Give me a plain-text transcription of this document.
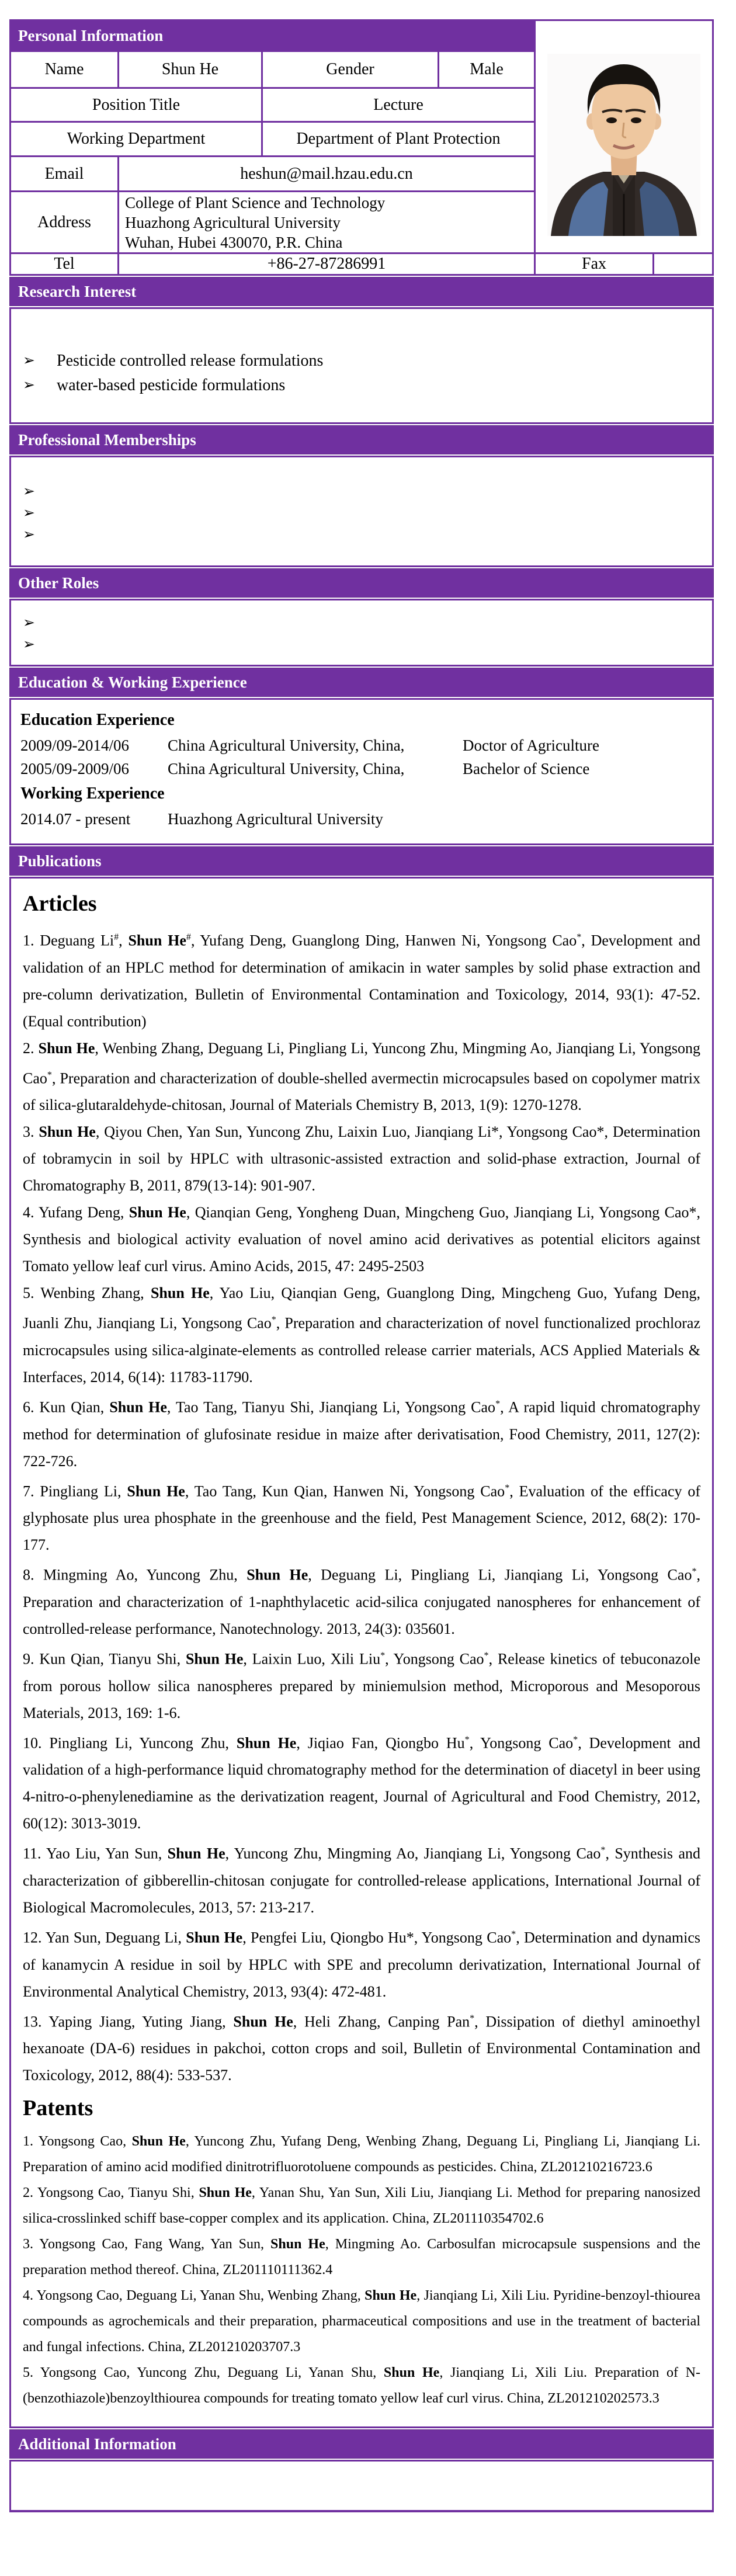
Personal Information
Name	Shun He	Gender	Male
Position Title	Lecture
Working Department	Department of Plant Protection
Email	heshun@mail.hzau.edu.cn
Address
College of Plant Science and Technology
Huazhong Agricultural University
Wuhan, Hubei 430070, P.R. China
Tel	+86-27-87286991	Fax
Research Interest
➢	Pesticide controlled release formulations
➢	water-based pesticide formulations
Professional Memberships
➢
➢
➢
Other Roles
➢
➢
Education & Working Experience
Education Experience
2009/09-2014/06	China Agricultural University, China,	Doctor of Agriculture
2005/09-2009/06	China Agricultural University, China,	Bachelor of Science
Working Experience
2014.07 - present	Huazhong Agricultural University
Publications
Articles

1. Deguang Li#, Shun He#, Yufang Deng, Guanglong Ding, Hanwen Ni, Yongsong Cao*, Development and validation of an HPLC method for determination of amikacin in water samples by solid phase extraction and pre-column derivatization, Bulletin of Environmental Contamination and Toxicology, 2014, 93(1): 47-52. (Equal contribution)

2. Shun He, Wenbing Zhang, Deguang Li, Pingliang Li, Yuncong Zhu, Mingming Ao, Jianqiang Li, Yongsong Cao*, Preparation and characterization of double-shelled avermectin microcapsules based on copolymer matrix of silica-glutaraldehyde-chitosan, Journal of Materials Chemistry B, 2013, 1(9): 1270-1278.

3. Shun He, Qiyou Chen, Yan Sun, Yuncong Zhu, Laixin Luo, Jianqiang Li*, Yongsong Cao*, Determination of tobramycin in soil by HPLC with ultrasonic-assisted extraction and solid-phase extraction, Journal of Chromatography B, 2011, 879(13-14): 901-907.

4. Yufang Deng, Shun He, Qianqian Geng, Yongheng Duan, Mingcheng Guo, Jianqiang Li, Yongsong Cao*, Synthesis and biological activity evaluation of novel amino acid derivatives as potential elicitors against Tomato yellow leaf curl virus. Amino Acids, 2015, 47: 2495-2503

5. Wenbing Zhang, Shun He, Yao Liu, Qianqian Geng, Guanglong Ding, Mingcheng Guo, Yufang Deng, Juanli Zhu, Jianqiang Li, Yongsong Cao*, Preparation and characterization of novel functionalized prochloraz microcapsules using silica-alginate-elements as controlled release carrier materials, ACS Applied Materials & Interfaces, 2014, 6(14): 11783-11790.

6. Kun Qian, Shun He, Tao Tang, Tianyu Shi, Jianqiang Li, Yongsong Cao*, A rapid liquid chromatography method for determination of glufosinate residue in maize after derivatisation, Food Chemistry, 2011, 127(2): 722-726.

7. Pingliang Li, Shun He, Tao Tang, Kun Qian, Hanwen Ni, Yongsong Cao*, Evaluation of the efficacy of glyphosate plus urea phosphate in the greenhouse and the field, Pest Management Science, 2012, 68(2): 170-177.

8. Mingming Ao, Yuncong Zhu, Shun He, Deguang Li, Pingliang Li, Jianqiang Li, Yongsong Cao*, Preparation and characterization of 1-naphthylacetic acid-silica conjugated nanospheres for enhancement of controlled-release performance, Nanotechnology. 2013, 24(3): 035601.

9. Kun Qian, Tianyu Shi, Shun He, Laixin Luo, Xili Liu*, Yongsong Cao*, Release kinetics of tebuconazole from porous hollow silica nanospheres prepared by miniemulsion method, Microporous and Mesoporous Materials, 2013, 169: 1-6.

10. Pingliang Li, Yuncong Zhu, Shun He, Jiqiao Fan, Qiongbo Hu*, Yongsong Cao*, Development and validation of a high-performance liquid chromatography method for the determination of diacetyl in beer using 4-nitro-o-phenylenediamine as the derivatization reagent, Journal of Agricultural and Food Chemistry, 2012, 60(12): 3013-3019.

11. Yao Liu, Yan Sun, Shun He, Yuncong Zhu, Mingming Ao, Jianqiang Li, Yongsong Cao*, Synthesis and characterization of gibberellin-chitosan conjugate for controlled-release applications, International Journal of Biological Macromolecules, 2013, 57: 213-217.

12. Yan Sun, Deguang Li, Shun He, Pengfei Liu, Qiongbo Hu*, Yongsong Cao*, Determination and dynamics of kanamycin A residue in soil by HPLC with SPE and precolumn derivatization, International Journal of Environmental Analytical Chemistry, 2013, 93(4): 472-481.

13. Yaping Jiang, Yuting Jiang, Shun He, Heli Zhang, Canping Pan*, Dissipation of diethyl aminoethyl hexanoate (DA-6) residues in pakchoi, cotton crops and soil, Bulletin of Environmental Contamination and Toxicology, 2012, 88(4): 533-537.

Patents

1. Yongsong Cao, Shun He, Yuncong Zhu, Yufang Deng, Wenbing Zhang, Deguang Li, Pingliang Li, Jianqiang Li. Preparation of amino acid modified dinitrotrifluorotoluene compounds as pesticides. China, ZL201210216723.6

2. Yongsong Cao, Tianyu Shi, Shun He, Yanan Shu, Yan Sun, Xili Liu, Jianqiang Li. Method for preparing nanosized silica-crosslinked schiff base-copper complex and its application. China, ZL201110354702.6

3. Yongsong Cao, Fang Wang, Yan Sun, Shun He, Mingming Ao. Carbosulfan microcapsule suspensions and the preparation method thereof. China, ZL201110111362.4

4. Yongsong Cao, Deguang Li, Yanan Shu, Wenbing Zhang, Shun He, Jianqiang Li, Xili Liu. Pyridine-benzoyl-thiourea compounds as agrochemicals and their preparation, pharmaceutical compositions and use in the treatment of bacterial and fungal infections. China, ZL201210203707.3

5. Yongsong Cao, Yuncong Zhu, Deguang Li, Yanan Shu, Shun He, Jianqiang Li, Xili Liu. Preparation of N-(benzothiazole)benzoylthiourea compounds for treating tomato yellow leaf curl virus. China, ZL201210202573.3

Additional Information
